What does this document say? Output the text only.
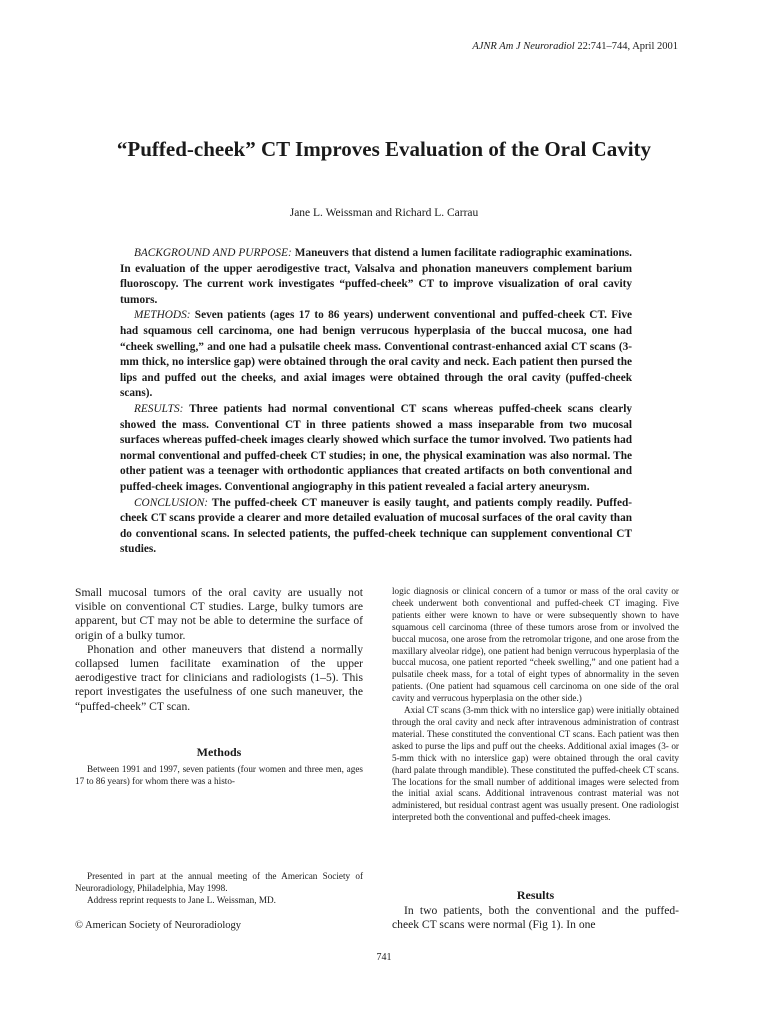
AJNR Am J Neuroradiol 22:741–744, April 2001
“Puffed-cheek” CT Improves Evaluation of the Oral Cavity
Jane L. Weissman and Richard L. Carrau

BACKGROUND AND PURPOSE: Maneuvers that distend a lumen facilitate radiographic examinations. In evaluation of the upper aerodigestive tract, Valsalva and phonation maneuvers complement barium fluoroscopy. The current work investigates “puffed-cheek” CT to improve visualization of oral cavity tumors.

METHODS: Seven patients (ages 17 to 86 years) underwent conventional and puffed-cheek CT. Five had squamous cell carcinoma, one had benign verrucous hyperplasia of the buccal mucosa, one had “cheek swelling,” and one had a pulsatile cheek mass. Conventional contrast-enhanced axial CT scans (3-mm thick, no interslice gap) were obtained through the oral cavity and neck. Each patient then pursed the lips and puffed out the cheeks, and axial images were obtained through the oral cavity (puffed-cheek scans).

RESULTS: Three patients had normal conventional CT scans whereas puffed-cheek scans clearly showed the mass. Conventional CT in three patients showed a mass inseparable from two mucosal surfaces whereas puffed-cheek images clearly showed which surface the tumor involved. Two patients had normal conventional and puffed-cheek CT studies; in one, the physical examination was also normal. The other patient was a teenager with orthodontic appliances that created artifacts on both conventional and puffed-cheek images. Conventional angiography in this patient revealed a facial artery aneurysm.

CONCLUSION: The puffed-cheek CT maneuver is easily taught, and patients comply readily. Puffed-cheek CT scans provide a clearer and more detailed evaluation of mucosal surfaces of the oral cavity than do conventional scans. In selected patients, the puffed-cheek technique can supplement conventional CT studies.

Small mucosal tumors of the oral cavity are usually not visible on conventional CT studies. Large, bulky tumors are apparent, but CT may not be able to determine the surface of origin of a bulky tumor.

Phonation and other maneuvers that distend a normally collapsed lumen facilitate examination of the upper aerodigestive tract for clinicians and radiologists (1–5). This report investigates the usefulness of one such maneuver, the “puffed-cheek” CT scan.

Methods

Between 1991 and 1997, seven patients (four women and three men, ages 17 to 86 years) for whom there was a histo-

Presented in part at the annual meeting of the American Society of Neuroradiology, Philadelphia, May 1998.

Address reprint requests to Jane L. Weissman, MD.

© American Society of Neuroradiology

logic diagnosis or clinical concern of a tumor or mass of the oral cavity or cheek underwent both conventional and puffed-cheek CT imaging. Five patients either were known to have or were subsequently shown to have squamous cell carcinoma (three of these tumors arose from or involved the buccal mucosa, one arose from the retromolar trigone, and one arose from the maxillary alveolar ridge), one patient had benign verrucous hyperplasia of the buccal mucosa, one patient reported “cheek swelling,” and one patient had a pulsatile cheek mass, for a total of eight types of abnormality in the seven patients. (One patient had squamous cell carcinoma on one side of the oral cavity and verrucous hyperplasia on the other side.)

Axial CT scans (3-mm thick with no interslice gap) were initially obtained through the oral cavity and neck after intravenous administration of contrast material. These constituted the conventional CT scans. Each patient was then asked to purse the lips and puff out the cheeks. Additional axial images (3- or 5-mm thick with no interslice gap) were obtained through the oral cavity (hard palate through mandible). These constituted the puffed-cheek CT scans. The locations for the small number of additional images were selected from the initial axial scans. Additional intravenous contrast material was not administered, but residual contrast agent was usually present. One radiologist interpreted both the conventional and puffed-cheek images.

Results

In two patients, both the conventional and the puffed-cheek CT scans were normal (Fig 1). In one

741
